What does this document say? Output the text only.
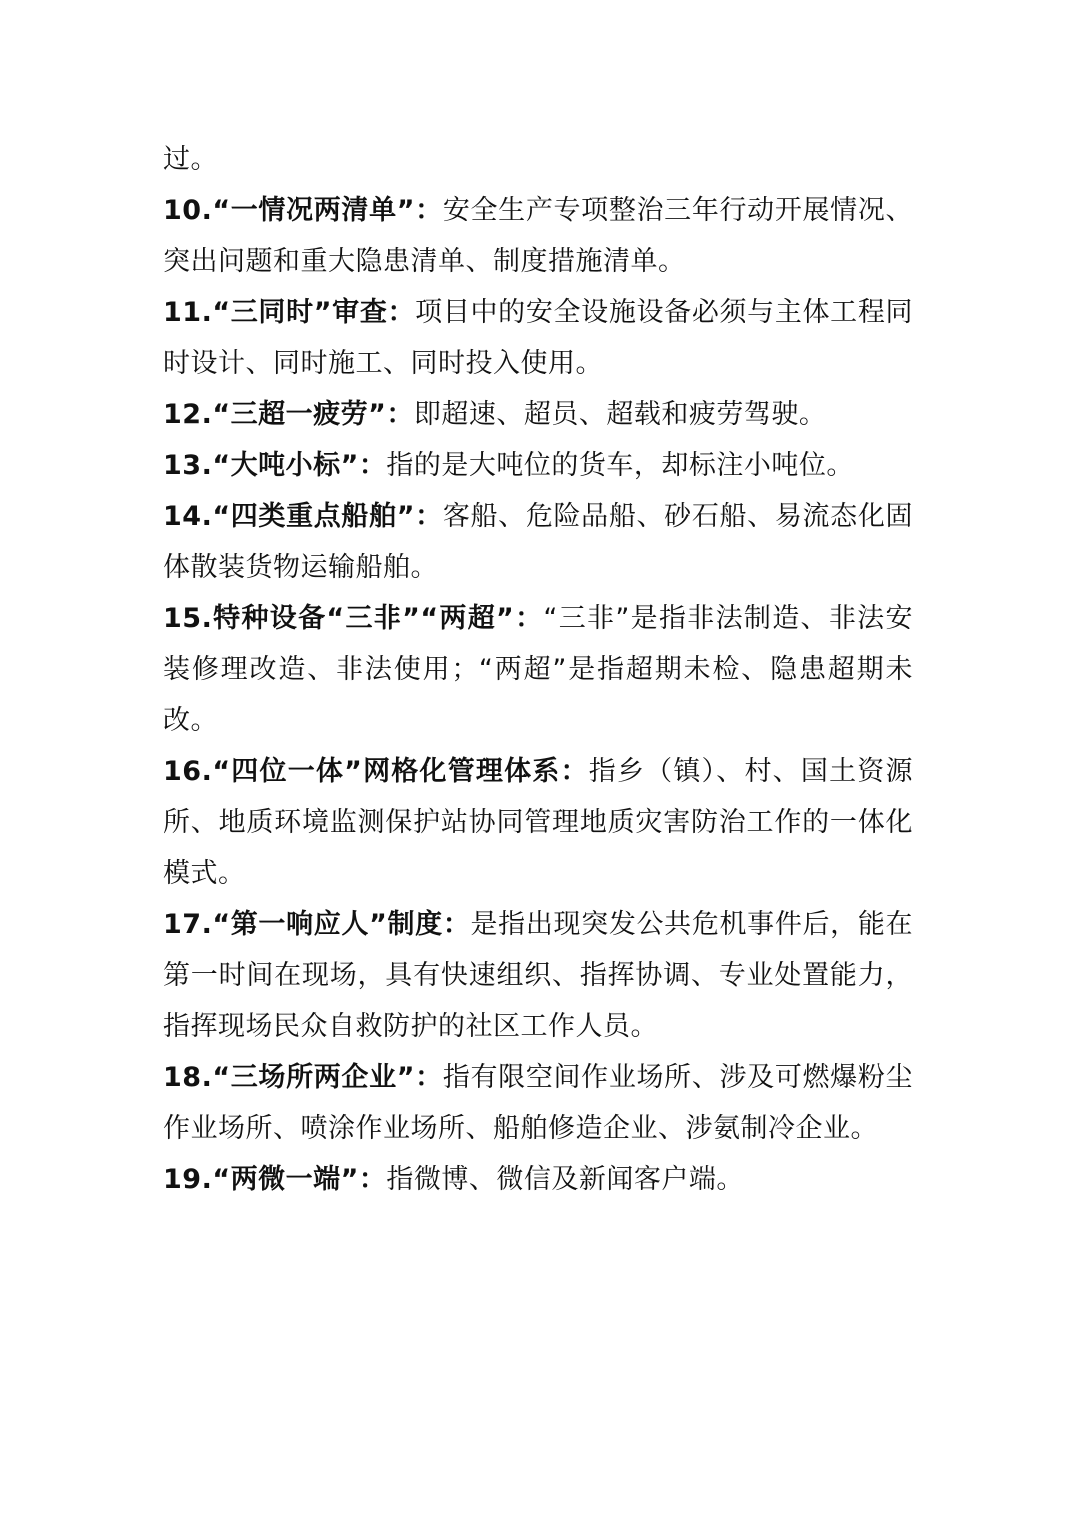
过。

10.“一情况两清单”：安全生产专项整治三年行动开展情况、突出问题和重大隐患清单、制度措施清单。

11.“三同时”审查：项目中的安全设施设备必须与主体工程同时设计、同时施工、同时投入使用。

12.“三超一疲劳”：即超速、超员、超载和疲劳驾驶。

13.“大吨小标”：指的是大吨位的货车，却标注小吨位。

14.“四类重点船舶”：客船、危险品船、砂石船、易流态化固体散装货物运输船舶。

15.特种设备“三非”“两超”：“三非”是指非法制造、非法安装修理改造、非法使用；“两超”是指超期未检、隐患超期未改。

16.“四位一体”网格化管理体系：指乡（镇）、村、国土资源所、地质环境监测保护站协同管理地质灾害防治工作的一体化模式。

17.“第一响应人”制度：是指出现突发公共危机事件后，能在第一时间在现场，具有快速组织、指挥协调、专业处置能力，指挥现场民众自救防护的社区工作人员。

18.“三场所两企业”：指有限空间作业场所、涉及可燃爆粉尘作业场所、喷涂作业场所、船舶修造企业、涉氨制冷企业。

19.“两微一端”：指微博、微信及新闻客户端。
